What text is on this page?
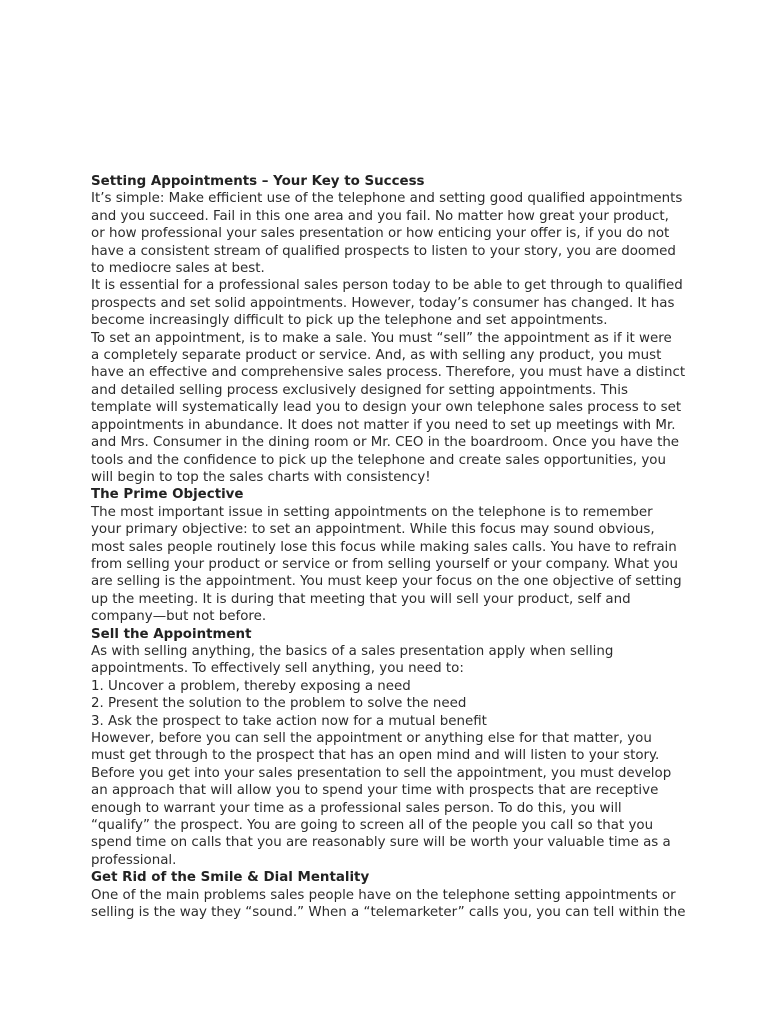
Setting Appointments – Your Key to Success

It’s simple: Make efficient use of the telephone and setting good qualified appointments
and you succeed. Fail in this one area and you fail. No matter how great your product,
or how professional your sales presentation or how enticing your offer is, if you do not
have a consistent stream of qualified prospects to listen to your story, you are doomed
to mediocre sales at best.

It is essential for a professional sales person today to be able to get through to qualified
prospects and set solid appointments. However, today’s consumer has changed. It has
become increasingly difficult to pick up the telephone and set appointments.

To set an appointment, is to make a sale. You must “sell” the appointment as if it were
a completely separate product or service. And, as with selling any product, you must
have an effective and comprehensive sales process. Therefore, you must have a distinct
and detailed selling process exclusively designed for setting appointments. This
template will systematically lead you to design your own telephone sales process to set
appointments in abundance. It does not matter if you need to set up meetings with Mr.
and Mrs. Consumer in the dining room or Mr. CEO in the boardroom. Once you have the
tools and the confidence to pick up the telephone and create sales opportunities, you
will begin to top the sales charts with consistency!

The Prime Objective

The most important issue in setting appointments on the telephone is to remember
your primary objective: to set an appointment. While this focus may sound obvious,
most sales people routinely lose this focus while making sales calls. You have to refrain
from selling your product or service or from selling yourself or your company. What you
are selling is the appointment. You must keep your focus on the one objective of setting
up the meeting. It is during that meeting that you will sell your product, self and
company—but not before.

Sell the Appointment

As with selling anything, the basics of a sales presentation apply when selling
appointments. To effectively sell anything, you need to:

1. Uncover a problem, thereby exposing a need

2. Present the solution to the problem to solve the need

3. Ask the prospect to take action now for a mutual benefit

However, before you can sell the appointment or anything else for that matter, you
must get through to the prospect that has an open mind and will listen to your story.

Before you get into your sales presentation to sell the appointment, you must develop
an approach that will allow you to spend your time with prospects that are receptive
enough to warrant your time as a professional sales person. To do this, you will
“qualify” the prospect. You are going to screen all of the people you call so that you
spend time on calls that you are reasonably sure will be worth your valuable time as a
professional.

Get Rid of the Smile & Dial Mentality

One of the main problems sales people have on the telephone setting appointments or
selling is the way they “sound.” When a “telemarketer” calls you, you can tell within the
